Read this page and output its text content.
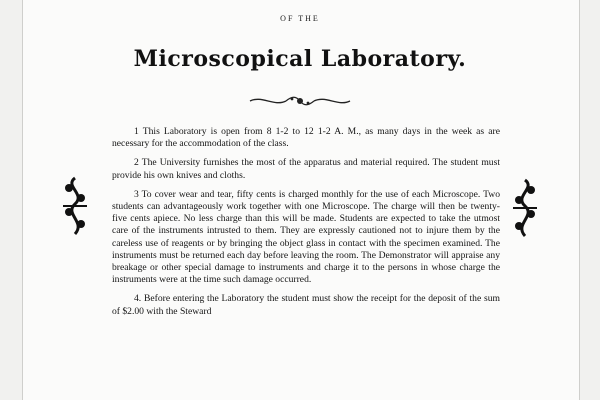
OF THE
Microscopical Laboratory.

1 This Laboratory is open from 8 1-2 to 12 1-2 A. M., as many days in the week as are necessary for the accommodation of the class.

2 The University furnishes the most of the apparatus and material required. The student must provide his own knives and cloths.

3 To cover wear and tear, fifty cents is charged monthly for the use of each Microscope. Two students can advantageously work together with one Microscope. The charge will then be twenty-five cents apiece. No less charge than this will be made. Students are expected to take the utmost care of the instruments intrusted to them. They are expressly cautioned not to injure them by the careless use of reagents or by bringing the object glass in contact with the specimen examined. The instruments must be returned each day before leaving the room. The Demonstrator will appraise any breakage or other special damage to instruments and charge it to the persons in whose charge the instruments were at the time such damage occurred.

4. Before entering the Laboratory the student must show the receipt for the deposit of the sum of $2.00 with the Steward
